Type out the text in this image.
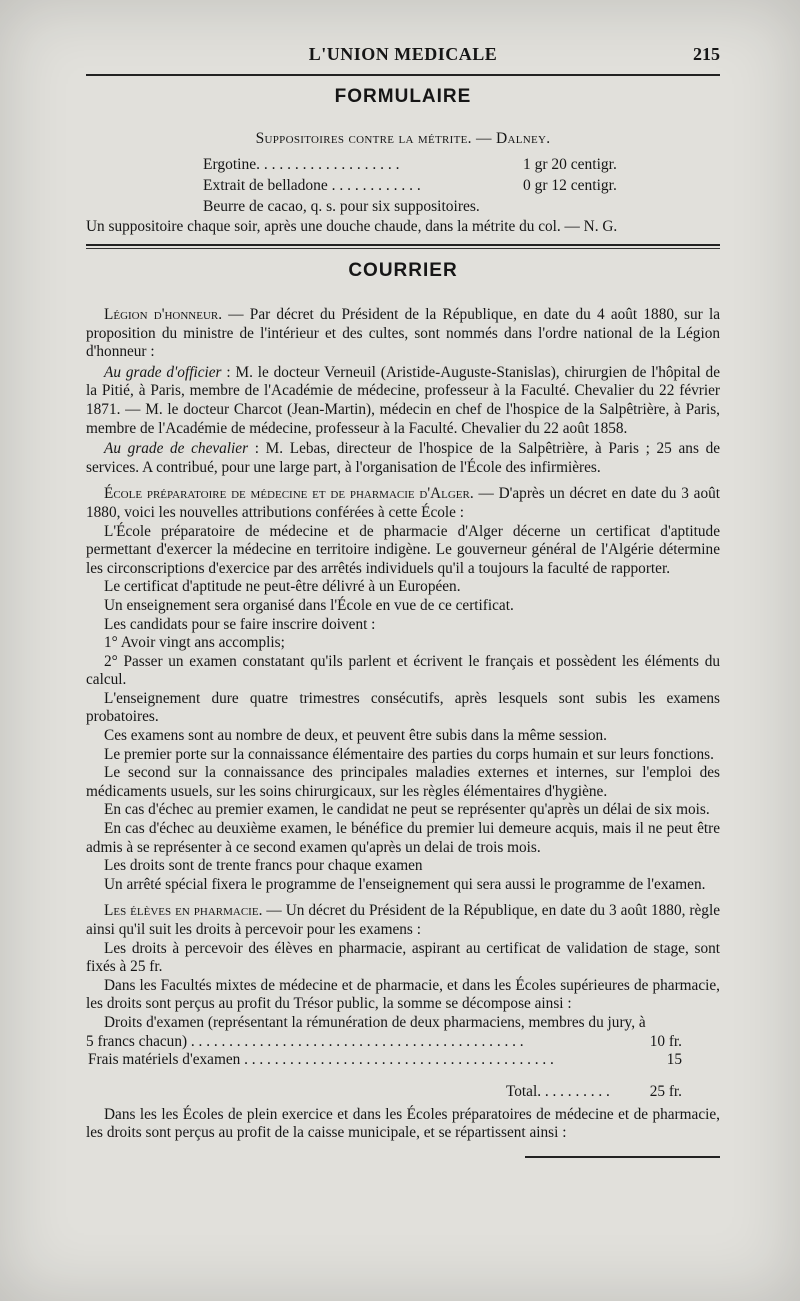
L'UNION MEDICALE	215
FORMULAIRE
Suppositoires contre la métrite. — Dalney.
Ergotine. . . . . . . . . . . . . . . . . . .	1 gr 20 centigr.
Extrait de belladone . . . . . . . . . . . .	0 gr 12 centigr.
Beurre de cacao, q. s. pour six suppositoires.

Un suppositoire chaque soir, après une douche chaude, dans la métrite du col. — N. G.

COURRIER

Légion d'honneur. — Par décret du Président de la République, en date du 4 août 1880, sur la proposition du ministre de l'intérieur et des cultes, sont nommés dans l'ordre national de la Légion d'honneur :

Au grade d'officier : M. le docteur Verneuil (Aristide-Auguste-Stanislas), chirurgien de l'hôpital de la Pitié, à Paris, membre de l'Académie de médecine, professeur à la Faculté. Chevalier du 22 février 1871. — M. le docteur Charcot (Jean-Martin), médecin en chef de l'hospice de la Salpêtrière, à Paris, membre de l'Académie de médecine, professeur à la Faculté. Chevalier du 22 août 1858.

Au grade de chevalier : M. Lebas, directeur de l'hospice de la Salpêtrière, à Paris ; 25 ans de services. A contribué, pour une large part, à l'organisation de l'École des infirmières.

École préparatoire de médecine et de pharmacie d'Alger. — D'après un décret en date du 3 août 1880, voici les nouvelles attributions conférées à cette École :

L'École préparatoire de médecine et de pharmacie d'Alger décerne un certificat d'aptitude permettant d'exercer la médecine en territoire indigène. Le gouverneur général de l'Algérie détermine les circonscriptions d'exercice par des arrêtés individuels qu'il a toujours la faculté de rapporter.

Le certificat d'aptitude ne peut-être délivré à un Européen.

Un enseignement sera organisé dans l'École en vue de ce certificat.

Les candidats pour se faire inscrire doivent :

1° Avoir vingt ans accomplis;

2° Passer un examen constatant qu'ils parlent et écrivent le français et possèdent les éléments du calcul.

L'enseignement dure quatre trimestres consécutifs, après lesquels sont subis les examens probatoires.

Ces examens sont au nombre de deux, et peuvent être subis dans la même session.

Le premier porte sur la connaissance élémentaire des parties du corps humain et sur leurs fonctions.

Le second sur la connaissance des principales maladies externes et internes, sur l'emploi des médicaments usuels, sur les soins chirurgicaux, sur les règles élémentaires d'hygiène.

En cas d'échec au premier examen, le candidat ne peut se représenter qu'après un délai de six mois.

En cas d'échec au deuxième examen, le bénéfice du premier lui demeure acquis, mais il ne peut être admis à se représenter à ce second examen qu'après un delai de trois mois.

Les droits sont de trente francs pour chaque examen

Un arrêté spécial fixera le programme de l'enseignement qui sera aussi le programme de l'examen.

Les élèves en pharmacie. — Un décret du Président de la République, en date du 3 août 1880, règle ainsi qu'il suit les droits à percevoir pour les examens :

Les droits à percevoir des élèves en pharmacie, aspirant au certificat de validation de stage, sont fixés à 25 fr.

Dans les Facultés mixtes de médecine et de pharmacie, et dans les Écoles supérieures de pharmacie, les droits sont perçus au profit du Trésor public, la somme se décompose ainsi :

Droits d'examen (représentant la rémunération de deux pharmaciens, membres du jury, à

5 francs chacun) . . . . . . . . . . . . . . . . . . . . . . . . . . . . . . . . . . . . . . . . . . . .	10 fr.
Frais matériels d'examen . . . . . . . . . . . . . . . . . . . . . . . . . . . . . . . . . . . . . . . . .	15
Total. . . . . . . . . .	25 fr.

Dans les les Écoles de plein exercice et dans les Écoles préparatoires de médecine et de pharmacie, les droits sont perçus au profit de la caisse municipale, et se répartissent ainsi :
